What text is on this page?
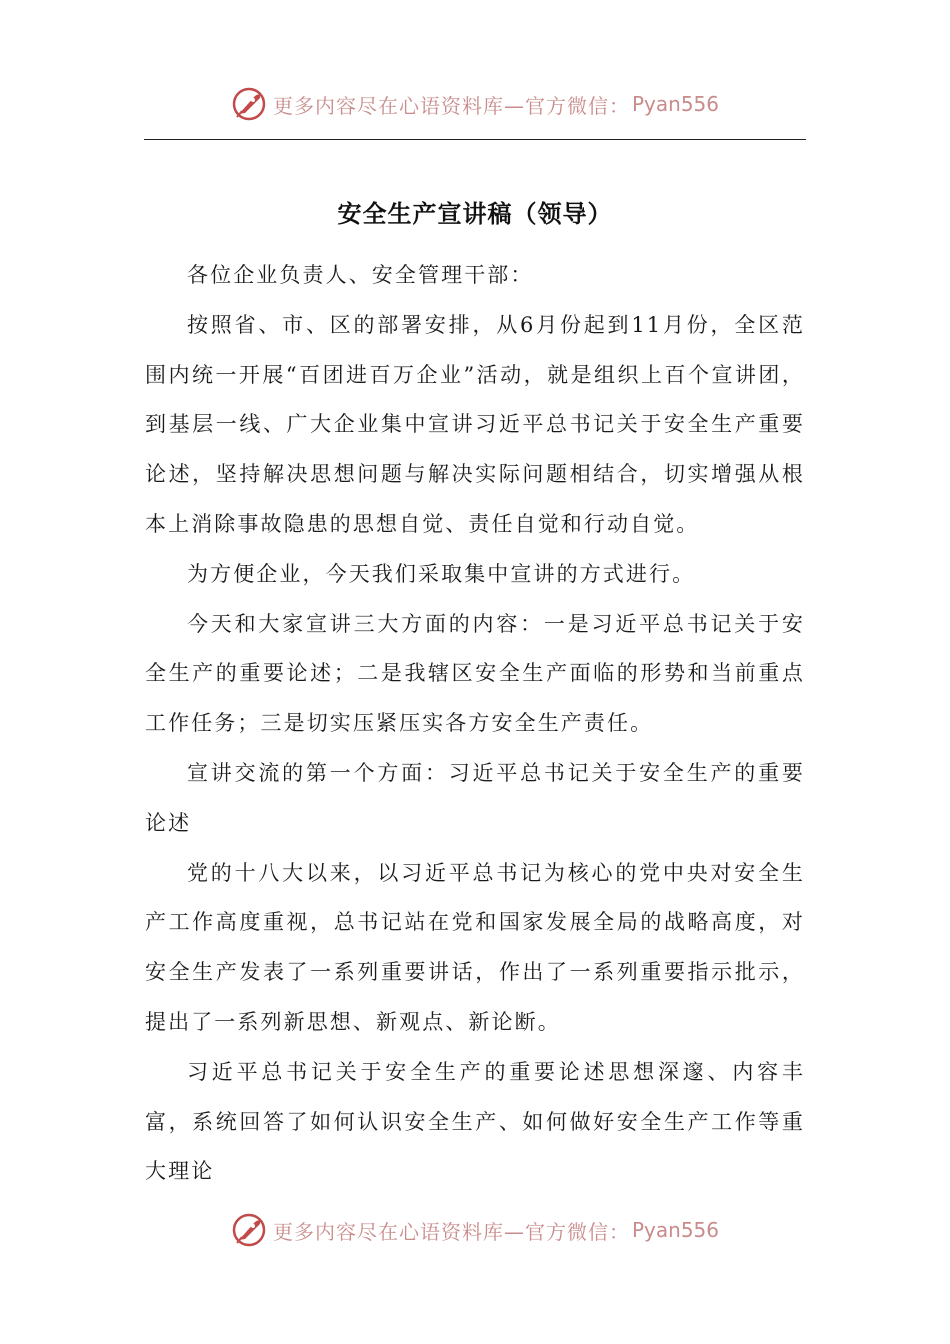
更多内容尽在心语资料库—官方微信： Pyan556
安全生产宣讲稿（领导）

各位企业负责人、安全管理干部：

按照省、市、区的部署安排，从6月份起到11月份，全区范围内统一开展“百团进百万企业”活动，就是组织上百个宣讲团，到基层一线、广大企业集中宣讲习近平总书记关于安全生产重要论述，坚持解决思想问题与解决实际问题相结合，切实增强从根本上消除事故隐患的思想自觉、责任自觉和行动自觉。

为方便企业，今天我们采取集中宣讲的方式进行。

今天和大家宣讲三大方面的内容：一是习近平总书记关于安全生产的重要论述；二是我辖区安全生产面临的形势和当前重点工作任务；三是切实压紧压实各方安全生产责任。

宣讲交流的第一个方面：习近平总书记关于安全生产的重要论述

党的十八大以来，以习近平总书记为核心的党中央对安全生产工作高度重视，总书记站在党和国家发展全局的战略高度，对安全生产发表了一系列重要讲话，作出了一系列重要指示批示，提出了一系列新思想、新观点、新论断。

习近平总书记关于安全生产的重要论述思想深邃、内容丰富，系统回答了如何认识安全生产、如何做好安全生产工作等重大理论

更多内容尽在心语资料库—官方微信： Pyan556
